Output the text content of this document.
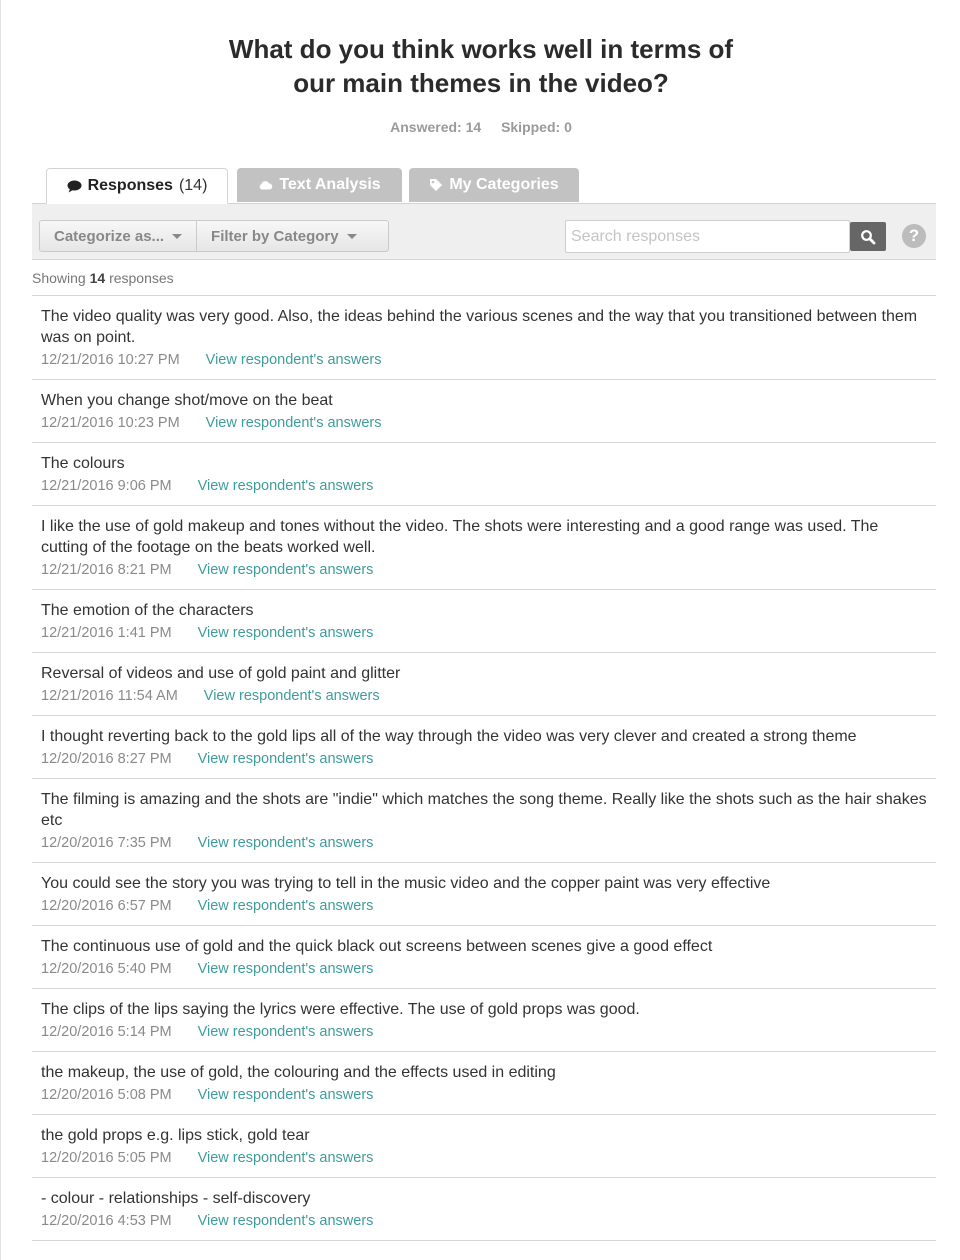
What do you think works well in terms of
our main themes in the video?
Answered: 14 Skipped: 0
Responses (14)	Text Analysis	My Categories
Categorize as...	Filter by Category
Search responses	?
Showing 14 responses
The video quality was very good. Also, the ideas behind the various scenes and the way that you transitioned between them was on point.
12/21/2016 10:27 PM View respondent's answers
When you change shot/move on the beat
12/21/2016 10:23 PM View respondent's answers
The colours
12/21/2016 9:06 PM View respondent's answers
I like the use of gold makeup and tones without the video. The shots were interesting and a good range was used. The cutting of the footage on the beats worked well.
12/21/2016 8:21 PM View respondent's answers
The emotion of the characters
12/21/2016 1:41 PM View respondent's answers
Reversal of videos and use of gold paint and glitter
12/21/2016 11:54 AM View respondent's answers
I thought reverting back to the gold lips all of the way through the video was very clever and created a strong theme
12/20/2016 8:27 PM View respondent's answers
The filming is amazing and the shots are "indie" which matches the song theme. Really like the shots such as the hair shakes etc
12/20/2016 7:35 PM View respondent's answers
You could see the story you was trying to tell in the music video and the copper paint was very effective
12/20/2016 6:57 PM View respondent's answers
The continuous use of gold and the quick black out screens between scenes give a good effect
12/20/2016 5:40 PM View respondent's answers
The clips of the lips saying the lyrics were effective. The use of gold props was good.
12/20/2016 5:14 PM View respondent's answers
the makeup, the use of gold, the colouring and the effects used in editing
12/20/2016 5:08 PM View respondent's answers
the gold props e.g. lips stick, gold tear
12/20/2016 5:05 PM View respondent's answers
- colour - relationships - self-discovery
12/20/2016 4:53 PM View respondent's answers
